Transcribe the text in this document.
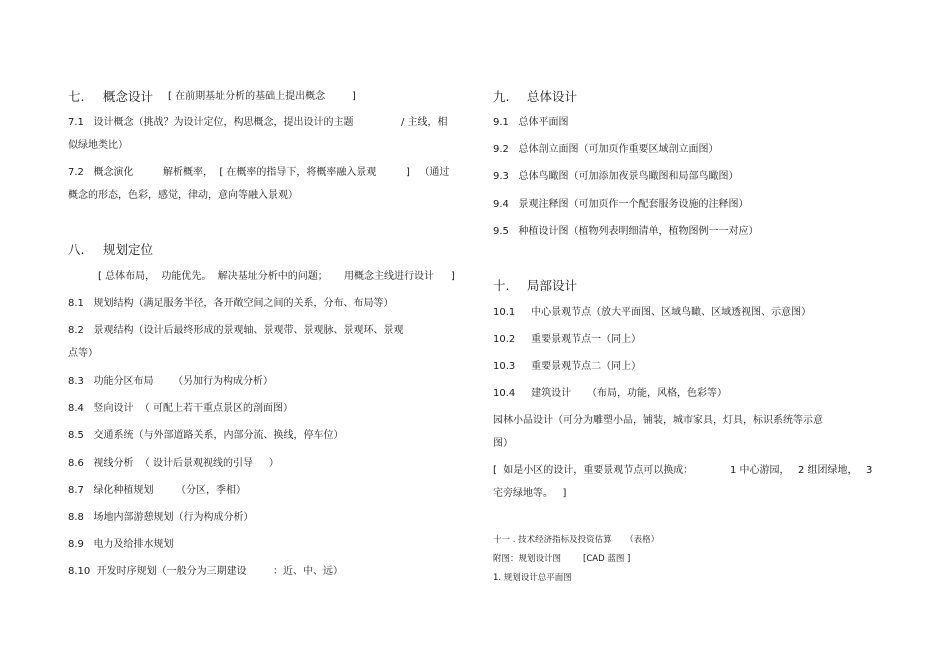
七. 概念设计 [ 在前期基址分析的基础上提出概念	]
7.1   设计概念（挑战？为设计定位，构思概念，提出设计的主题	/ 主线，相
似绿地类比）
7.2   概念演化	解析概率，  [ 在概率的指导下，将概率融入景观	]   （通过
概念的形态，色彩，感觉，律动，意向等融入景观）
八. 规划定位
[ 总体布局，  功能优先。  解决基址分析中的问题； 用概念主线进行设计 ]
8.1   规划结构（满足服务半径，各开敞空间之间的关系，分布、布局等）
8.2   景观结构（设计后最终形成的景观轴、景观带、景观脉、景观环、景观
点等）
8.3   功能分区布局 （另加行为构成分析）
8.4   竖向设计  （ 可配上若干重点景区的剖面图）
8.5   交通系统（与外部道路关系，内部分流、换线，停车位）
8.6   视线分析  （ 设计后景观视线的引导     ）
8.7   绿化种植规划 （分区，季相）
8.8   场地内部游憩规划（行为构成分析）
8.9   电力及给排水规划
8.10  开发时序规划（一般分为三期建设	：近、中、远）
九. 总体设计
9.1   总体平面图
9.2   总体剖立面图（可加页作重要区域剖立面图）
9.3   总体鸟瞰图（可加添加夜景鸟瞰图和局部鸟瞰图）
9.4   景观注释图（可加页作一个配套服务设施的注释图）
9.5   种植设计图（植物列表明细清单，植物图例一一对应）
十. 局部设计
10.1     中心景观节点（放大平面图、区域鸟瞰、区域透视图、示意图）
10.2     重要景观节点一（同上）
10.3     重要景观节点二（同上）
10.4     建筑设计 （布局，功能，风格，色彩等）
园林小品设计（可分为雕塑小品，铺装，城市家具，灯具，标识系统等示意
图）
[  如是小区的设计，重要景观节点可以换成：	1 中心游园， 2 组团绿地， 3
宅旁绿地等。   ]
十一 . 技术经济指标及投资估算     （表格）
附图：规划设计图	[CAD 蓝图 ]
1. 规划设计总平面图
